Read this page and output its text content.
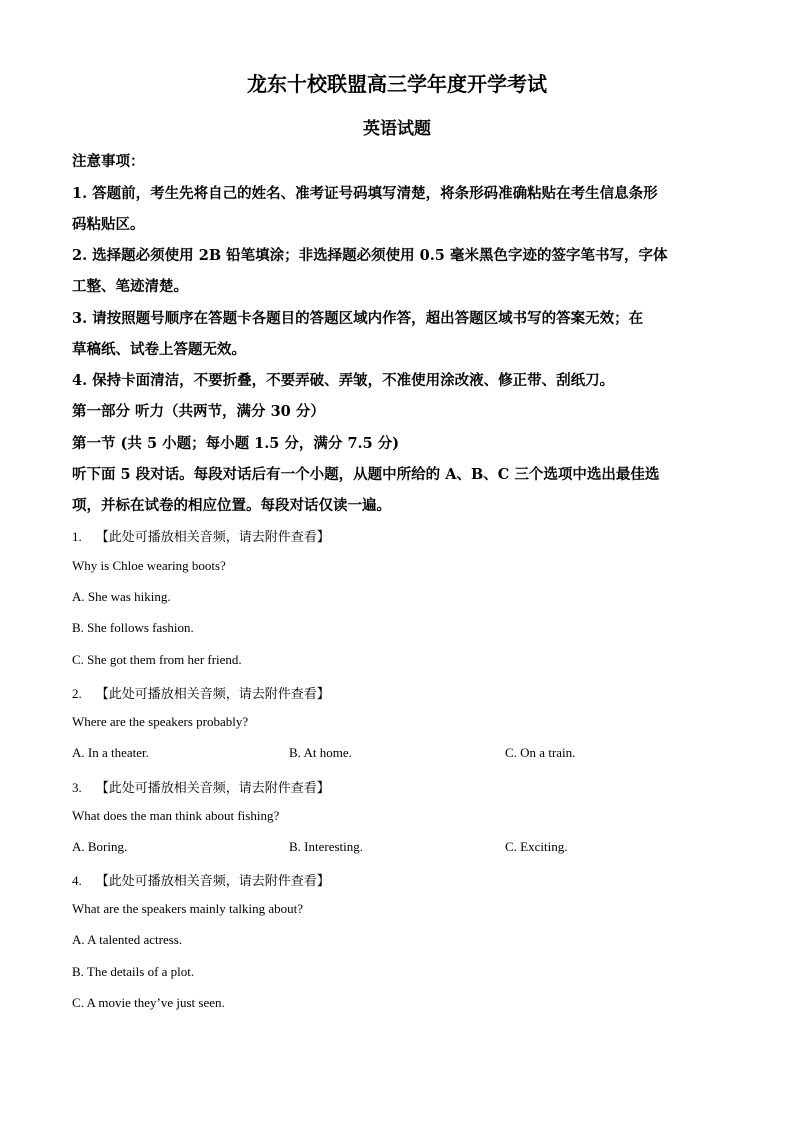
龙东十校联盟高三学年度开学考试
英语试题

注意事项：

1. 答题前，考生先将自己的姓名、准考证号码填写清楚，将条形码准确粘贴在考生信息条形

码粘贴区。

2. 选择题必须使用 2B 铅笔填涂；非选择题必须使用 0.5 毫米黑色字迹的签字笔书写，字体

工整、笔迹清楚。

3. 请按照题号顺序在答题卡各题目的答题区域内作答，超出答题区域书写的答案无效；在

草稿纸、试卷上答题无效。

4. 保持卡面清洁，不要折叠，不要弄破、弄皱，不准使用涂改液、修正带、刮纸刀。

第一部分 听力（共两节，满分 30 分）

第一节 (共 5 小题；每小题 1.5 分，满分 7.5 分)

听下面 5 段对话。每段对话后有一个小题，从题中所给的 A、B、C 三个选项中选出最佳选

项，并标在试卷的相应位置。每段对话仅读一遍。

1. 【此处可播放相关音频，请去附件查看】

Why is Chloe wearing boots?

A. She was hiking.

B. She follows fashion.

C. She got them from her friend.

2. 【此处可播放相关音频，请去附件查看】

Where are the speakers probably?

A. In a theater.	B. At home.	C. On a train.

3. 【此处可播放相关音频，请去附件查看】

What does the man think about fishing?

A. Boring.	B. Interesting.	C. Exciting.

4. 【此处可播放相关音频，请去附件查看】

What are the speakers mainly talking about?

A. A talented actress.

B. The details of a plot.

C. A movie they’ve just seen.
